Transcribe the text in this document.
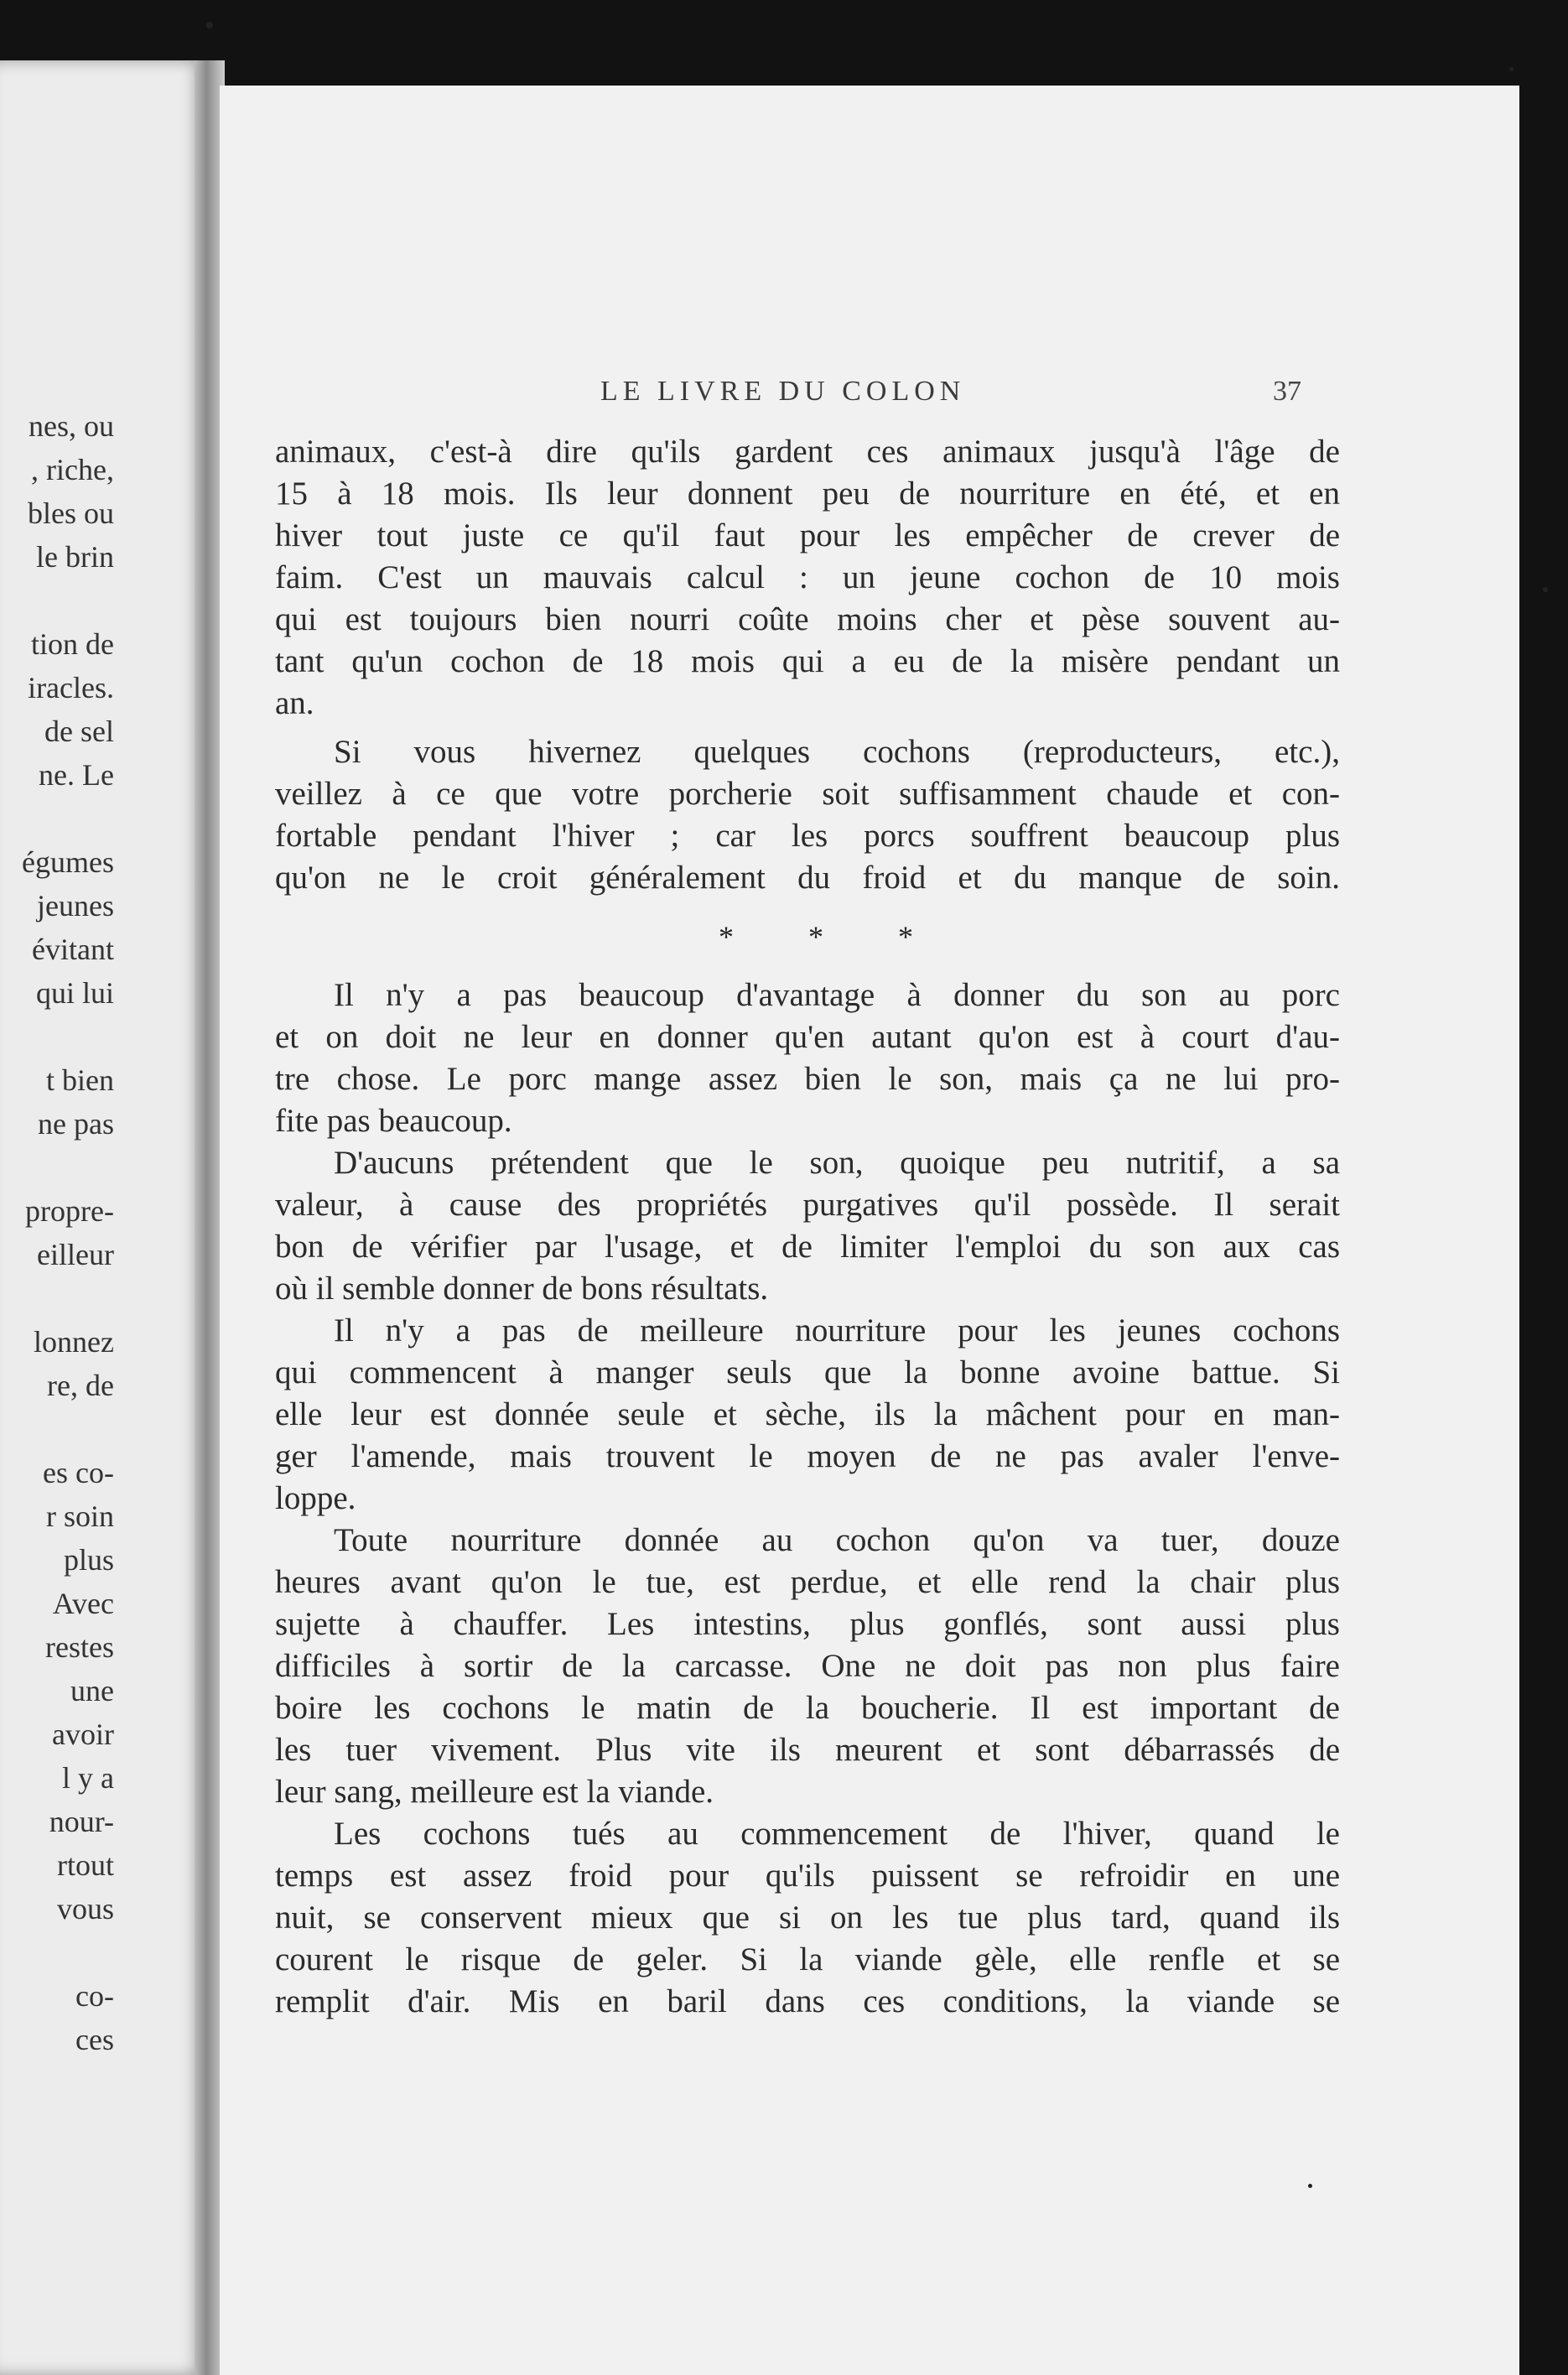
nes, ou
, riche,
bles ou
le brin
tion de
iracles.
de sel
ne. Le
égumes
jeunes
évitant
qui lui
t bien
ne pas
propre-
eilleur
lonnez
re, de
es co-
r soin
plus
Avec
restes
une
avoir
l y a
nour-
rtout
vous
co-
ces
LE LIVRE DU COLON	37
animaux, c'est-à dire qu'ils gardent ces animaux jusqu'à l'âge de
15 à 18 mois. Ils leur donnent peu de nourriture en été, et en
hiver tout juste ce qu'il faut pour les empêcher de crever de
faim. C'est un mauvais calcul : un jeune cochon de 10 mois
qui est toujours bien nourri coûte moins cher et pèse souvent au-
tant qu'un cochon de 18 mois qui a eu de la misère pendant un
an.
Si vous hivernez quelques cochons (reproducteurs, etc.),
veillez à ce que votre porcherie soit suffisamment chaude et con-
fortable pendant l'hiver ; car les porcs souffrent beaucoup plus
qu'on ne le croit généralement du froid et du manque de soin.
* * *
Il n'y a pas beaucoup d'avantage à donner du son au porc
et on doit ne leur en donner qu'en autant qu'on est à court d'au-
tre chose. Le porc mange assez bien le son, mais ça ne lui pro-
fite pas beaucoup.
D'aucuns prétendent que le son, quoique peu nutritif, a sa
valeur, à cause des propriétés purgatives qu'il possède. Il serait
bon de vérifier par l'usage, et de limiter l'emploi du son aux cas
où il semble donner de bons résultats.
Il n'y a pas de meilleure nourriture pour les jeunes cochons
qui commencent à manger seuls que la bonne avoine battue. Si
elle leur est donnée seule et sèche, ils la mâchent pour en man-
ger l'amende, mais trouvent le moyen de ne pas avaler l'enve-
loppe.
Toute nourriture donnée au cochon qu'on va tuer, douze
heures avant qu'on le tue, est perdue, et elle rend la chair plus
sujette à chauffer. Les intestins, plus gonflés, sont aussi plus
difficiles à sortir de la carcasse. One ne doit pas non plus faire
boire les cochons le matin de la boucherie. Il est important de
les tuer vivement. Plus vite ils meurent et sont débarrassés de
leur sang, meilleure est la viande.
Les cochons tués au commencement de l'hiver, quand le
temps est assez froid pour qu'ils puissent se refroidir en une
nuit, se conservent mieux que si on les tue plus tard, quand ils
courent le risque de geler. Si la viande gèle, elle renfle et se
remplit d'air. Mis en baril dans ces conditions, la viande se
